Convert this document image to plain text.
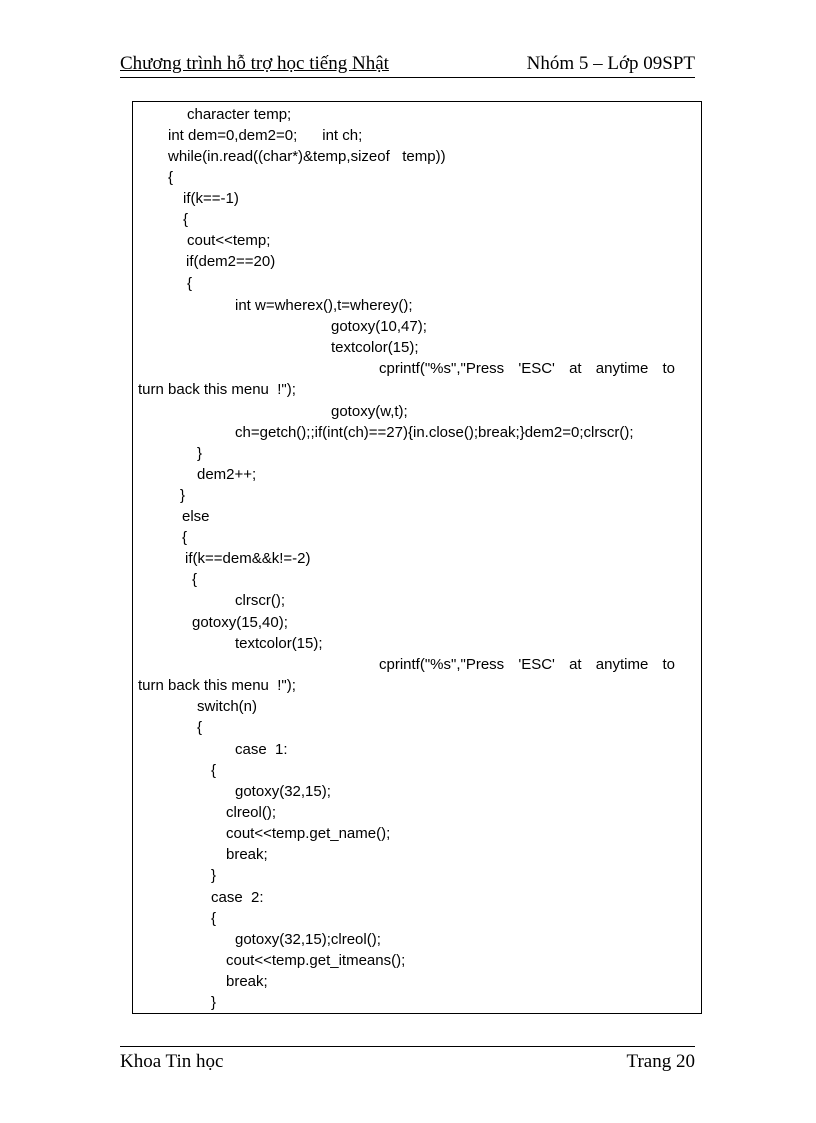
Chương trình hỗ trợ học tiếng Nhật	Nhóm 5 – Lớp 09SPT
character temp;
int dem=0,dem2=0;      int ch;
while(in.read((char*)&temp,sizeof   temp))
{
if(k==-1)
{
cout<<temp;
if(dem2==20)
{
int w=wherex(),t=wherey();
gotoxy(10,47);
textcolor(15);
cprintf("%s","Press 'ESC' at anytime to
turn back this menu  !");
gotoxy(w,t);
ch=getch();;if(int(ch)==27){in.close();break;}dem2=0;clrscr();
}
dem2++;
}
else
{
if(k==dem&&k!=-2)
{
clrscr();
gotoxy(15,40);
textcolor(15);
cprintf("%s","Press 'ESC' at anytime to
turn back this menu  !");
switch(n)
{
case  1:
{
gotoxy(32,15);
clreol();
cout<<temp.get_name();
break;
}
case  2:
{
gotoxy(32,15);clreol();
cout<<temp.get_itmeans();
break;
}
Khoa Tin học	Trang 20
